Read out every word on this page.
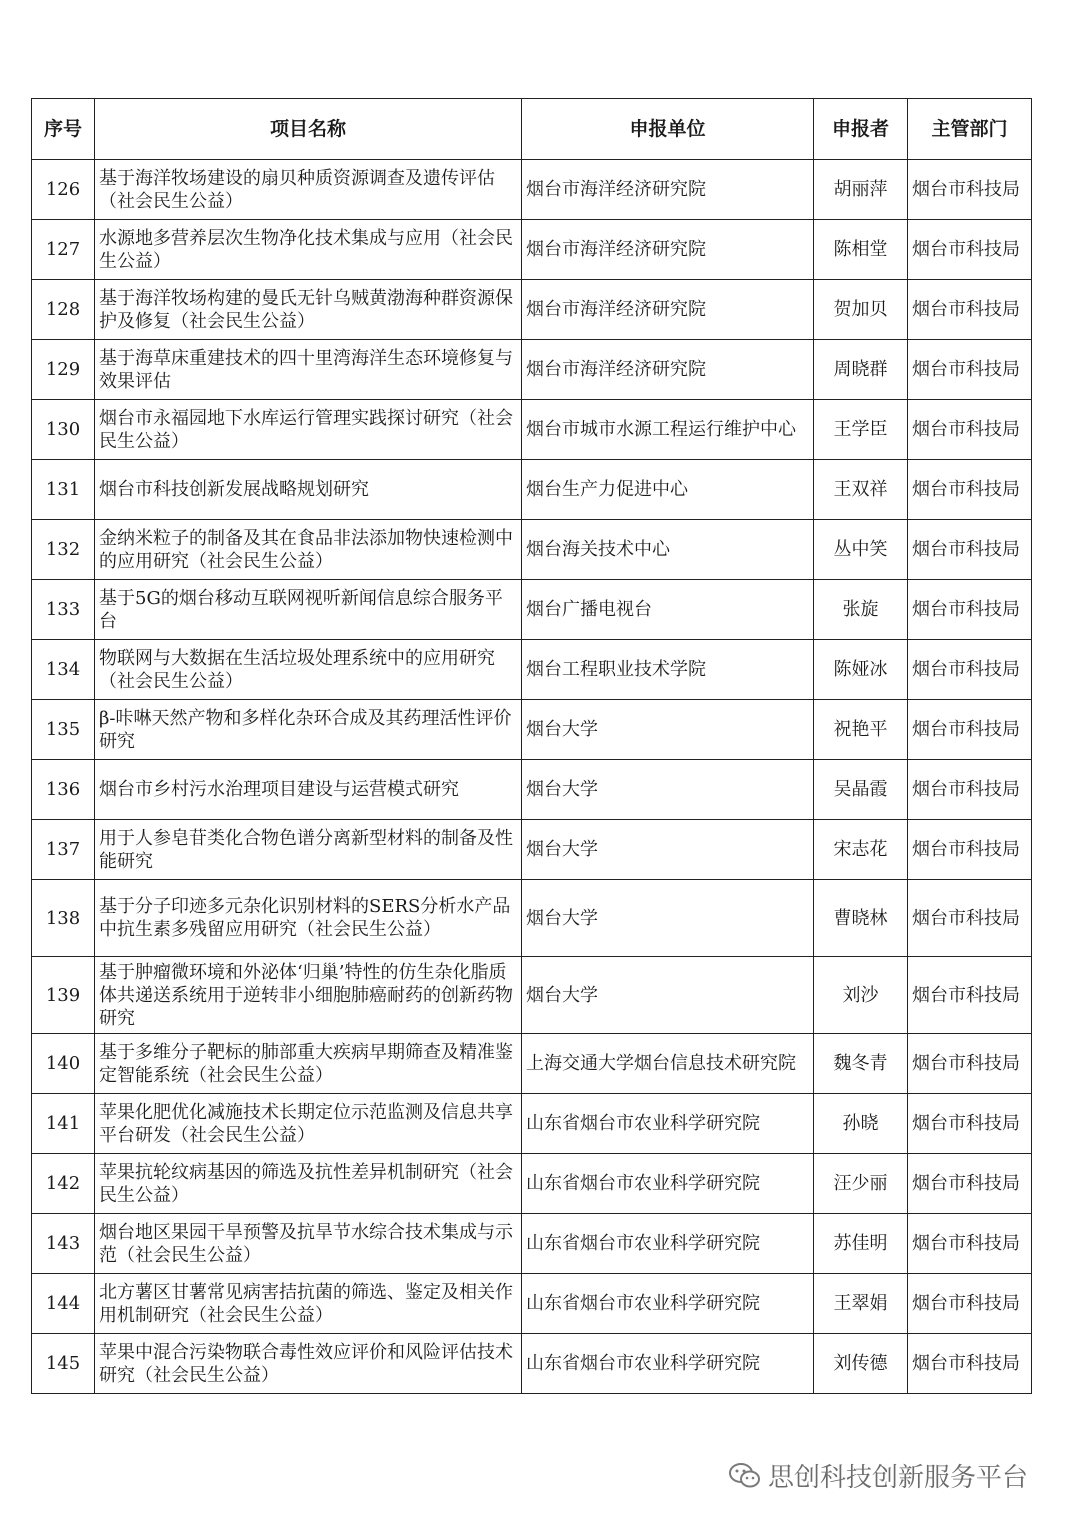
序号	项目名称	申报单位	申报者	主管部门
126	基于海洋牧场建设的扇贝种质资源调查及遗传评估（社会民生公益）	烟台市海洋经济研究院	胡丽萍	烟台市科技局
127	水源地多营养层次生物净化技术集成与应用（社会民生公益）	烟台市海洋经济研究院	陈相堂	烟台市科技局
128	基于海洋牧场构建的曼氏无针乌贼黄渤海种群资源保护及修复（社会民生公益）	烟台市海洋经济研究院	贺加贝	烟台市科技局
129	基于海草床重建技术的四十里湾海洋生态环境修复与效果评估	烟台市海洋经济研究院	周晓群	烟台市科技局
130	烟台市永福园地下水库运行管理实践探讨研究（社会民生公益）	烟台市城市水源工程运行维护中心	王学臣	烟台市科技局
131	烟台市科技创新发展战略规划研究	烟台生产力促进中心	王双祥	烟台市科技局
132	金纳米粒子的制备及其在食品非法添加物快速检测中的应用研究（社会民生公益）	烟台海关技术中心	丛中笑	烟台市科技局
133	基于5G的烟台移动互联网视听新闻信息综合服务平台	烟台广播电视台	张旋	烟台市科技局
134	物联网与大数据在生活垃圾处理系统中的应用研究（社会民生公益）	烟台工程职业技术学院	陈娅冰	烟台市科技局
135	β-咔啉天然产物和多样化杂环合成及其药理活性评价研究	烟台大学	祝艳平	烟台市科技局
136	烟台市乡村污水治理项目建设与运营模式研究	烟台大学	吴晶霞	烟台市科技局
137	用于人参皂苷类化合物色谱分离新型材料的制备及性能研究	烟台大学	宋志花	烟台市科技局
138	基于分子印迹多元杂化识别材料的SERS分析水产品中抗生素多残留应用研究（社会民生公益）	烟台大学	曹晓林	烟台市科技局
139	基于肿瘤微环境和外泌体‘归巢’特性的仿生杂化脂质体共递送系统用于逆转非小细胞肺癌耐药的创新药物研究	烟台大学	刘沙	烟台市科技局
140	基于多维分子靶标的肺部重大疾病早期筛查及精准鉴定智能系统（社会民生公益）	上海交通大学烟台信息技术研究院	魏冬青	烟台市科技局
141	苹果化肥优化减施技术长期定位示范监测及信息共享平台研发（社会民生公益）	山东省烟台市农业科学研究院	孙晓	烟台市科技局
142	苹果抗轮纹病基因的筛选及抗性差异机制研究（社会民生公益）	山东省烟台市农业科学研究院	汪少丽	烟台市科技局
143	烟台地区果园干旱预警及抗旱节水综合技术集成与示范（社会民生公益）	山东省烟台市农业科学研究院	苏佳明	烟台市科技局
144	北方薯区甘薯常见病害拮抗菌的筛选、鉴定及相关作用机制研究（社会民生公益）	山东省烟台市农业科学研究院	王翠娟	烟台市科技局
145	苹果中混合污染物联合毒性效应评价和风险评估技术研究（社会民生公益）	山东省烟台市农业科学研究院	刘传德	烟台市科技局
思创科技创新服务平台
